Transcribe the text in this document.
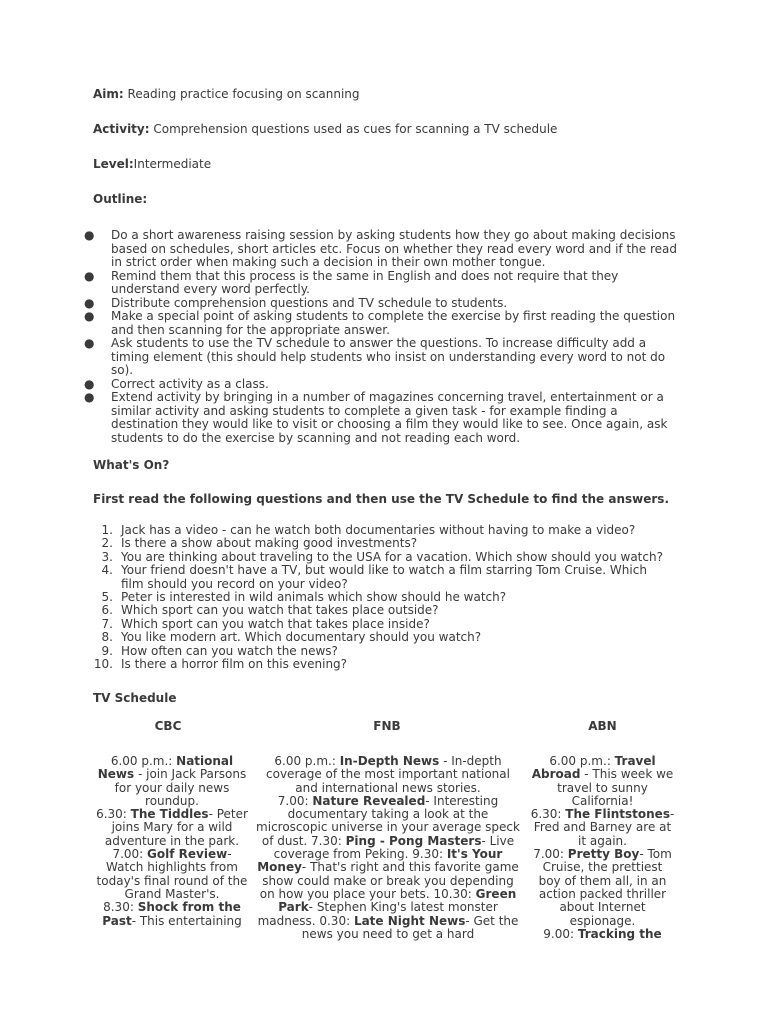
Aim: Reading practice focusing on scanning
Activity: Comprehension questions used as cues for scanning a TV schedule
Level:Intermediate
Outline:
● Do a short awareness raising session by asking students how they go about making decisions based on schedules, short articles etc. Focus on whether they read every word and if the read in strict order when making such a decision in their own mother tongue.
● Remind them that this process is the same in English and does not require that they understand every word perfectly.
● Distribute comprehension questions and TV schedule to students.
● Make a special point of asking students to complete the exercise by first reading the question and then scanning for the appropriate answer.
● Ask students to use the TV schedule to answer the questions. To increase difficulty add a timing element (this should help students who insist on understanding every word to not do so).
● Correct activity as a class.
● Extend activity by bringing in a number of magazines concerning travel, entertainment or a similar activity and asking students to complete a given task - for example finding a destination they would like to visit or choosing a film they would like to see. Once again, ask students to do the exercise by scanning and not reading each word.
What's On?
First read the following questions and then use the TV Schedule to find the answers.
1. Jack has a video - can he watch both documentaries without having to make a video?
2. Is there a show about making good investments?
3. You are thinking about traveling to the USA for a vacation. Which show should you watch?
4. Your friend doesn't have a TV, but would like to watch a film starring Tom Cruise. Which film should you record on your video?
5. Peter is interested in wild animals which show should he watch?
6. Which sport can you watch that takes place outside?
7. Which sport can you watch that takes place inside?
8. You like modern art. Which documentary should you watch?
9. How often can you watch the news?
10. Is there a horror film on this evening?
TV Schedule
CBC	FNB	ABN
6.00 p.m.: National News - join Jack Parsons for your daily news roundup.
6.30: The Tiddles- Peter joins Mary for a wild adventure in the park.
7.00: Golf Review- Watch highlights from today's final round of the Grand Master's.
8.30: Shock from the Past- This entertaining
6.00 p.m.: In-Depth News - In-depth coverage of the most important national and international news stories.
7.00: Nature Revealed- Interesting documentary taking a look at the microscopic universe in your average speck of dust. 7.30: Ping - Pong Masters- Live coverage from Peking. 9.30: It's Your Money- That's right and this favorite game show could make or break you depending on how you place your bets. 10.30: Green Park- Stephen King's latest monster madness. 0.30: Late Night News- Get the news you need to get a hard
6.00 p.m.: Travel Abroad - This week we travel to sunny California!
6.30: The Flintstones- Fred and Barney are at it again.
7.00: Pretty Boy- Tom Cruise, the prettiest boy of them all, in an action packed thriller about Internet espionage.
9.00: Tracking the
